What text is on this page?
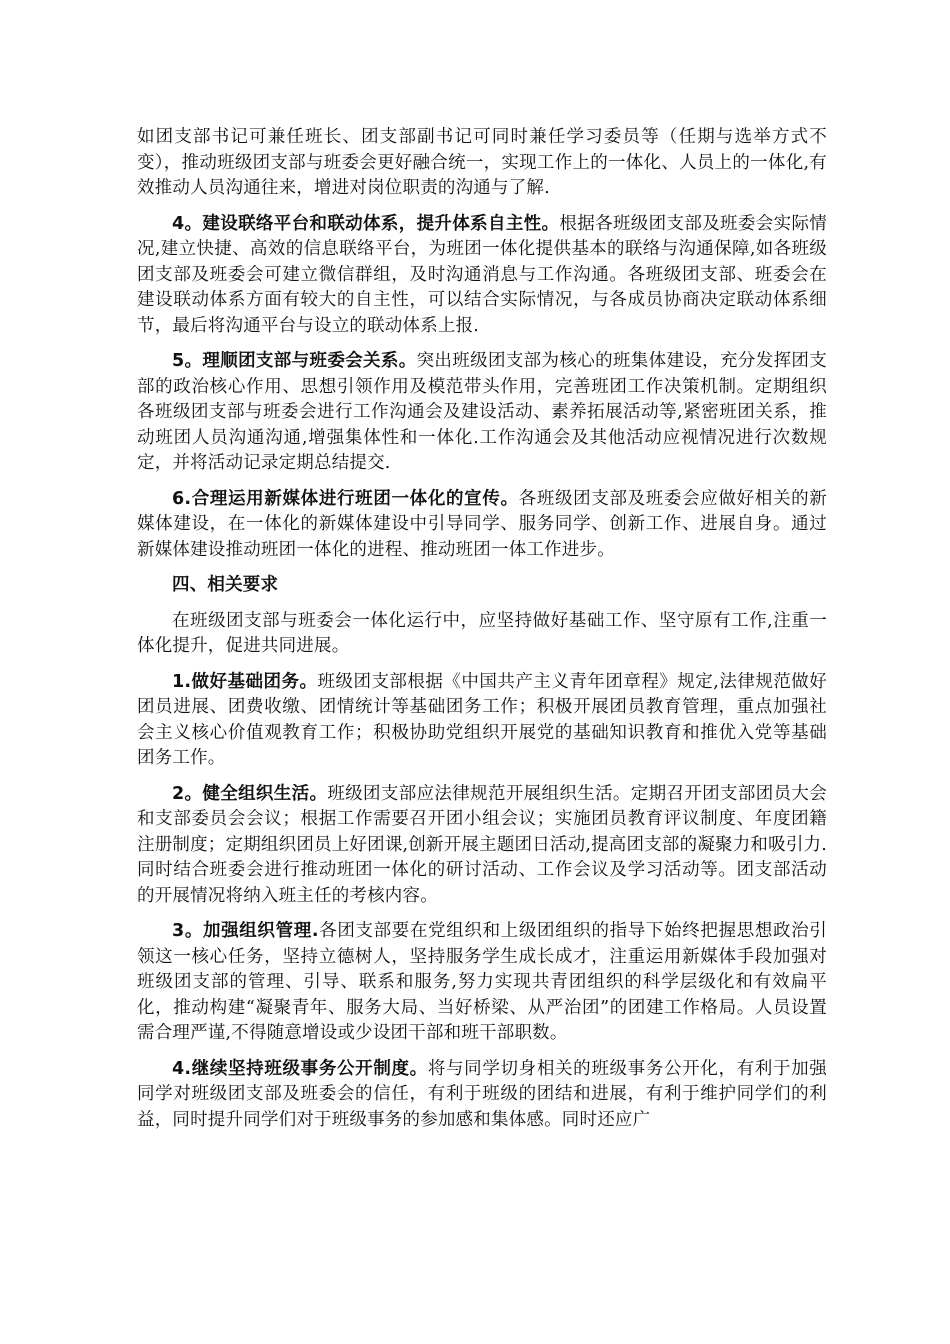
如团支部书记可兼任班长、团支部副书记可同时兼任学习委员等（任期与选举方式不变），推动班级团支部与班委会更好融合统一，实现工作上的一体化、人员上的一体化,有效推动人员沟通往来，增进对岗位职责的沟通与了解.

4。建设联络平台和联动体系，提升体系自主性。根据各班级团支部及班委会实际情况,建立快捷、高效的信息联络平台，为班团一体化提供基本的联络与沟通保障,如各班级团支部及班委会可建立微信群组，及时沟通消息与工作沟通。各班级团支部、班委会在建设联动体系方面有较大的自主性，可以结合实际情况，与各成员协商决定联动体系细节，最后将沟通平台与设立的联动体系上报.

5。理顺团支部与班委会关系。突出班级团支部为核心的班集体建设，充分发挥团支部的政治核心作用、思想引领作用及模范带头作用，完善班团工作决策机制。定期组织各班级团支部与班委会进行工作沟通会及建设活动、素养拓展活动等,紧密班团关系，推动班团人员沟通沟通,增强集体性和一体化.工作沟通会及其他活动应视情况进行次数规定，并将活动记录定期总结提交.

6.合理运用新媒体进行班团一体化的宣传。各班级团支部及班委会应做好相关的新媒体建设，在一体化的新媒体建设中引导同学、服务同学、创新工作、进展自身。通过新媒体建设推动班团一体化的进程、推动班团一体工作进步。

四、相关要求

在班级团支部与班委会一体化运行中，应坚持做好基础工作、坚守原有工作,注重一体化提升，促进共同进展。

1.做好基础团务。班级团支部根据《中国共产主义青年团章程》规定,法律规范做好团员进展、团费收缴、团情统计等基础团务工作；积极开展团员教育管理，重点加强社会主义核心价值观教育工作；积极协助党组织开展党的基础知识教育和推优入党等基础团务工作。

2。健全组织生活。班级团支部应法律规范开展组织生活。定期召开团支部团员大会和支部委员会会议；根据工作需要召开团小组会议；实施团员教育评议制度、年度团籍注册制度；定期组织团员上好团课,创新开展主题团日活动,提高团支部的凝聚力和吸引力.同时结合班委会进行推动班团一体化的研讨活动、工作会议及学习活动等。团支部活动的开展情况将纳入班主任的考核内容。

3。加强组织管理.各团支部要在党组织和上级团组织的指导下始终把握思想政治引领这一核心任务，坚持立德树人，坚持服务学生成长成才，注重运用新媒体手段加强对班级团支部的管理、引导、联系和服务,努力实现共青团组织的科学层级化和有效扁平化，推动构建“凝聚青年、服务大局、当好桥梁、从严治团”的团建工作格局。人员设置需合理严谨,不得随意增设或少设团干部和班干部职数。

4.继续坚持班级事务公开制度。将与同学切身相关的班级事务公开化，有利于加强同学对班级团支部及班委会的信任，有利于班级的团结和进展，有利于维护同学们的利益，同时提升同学们对于班级事务的参加感和集体感。同时还应广
